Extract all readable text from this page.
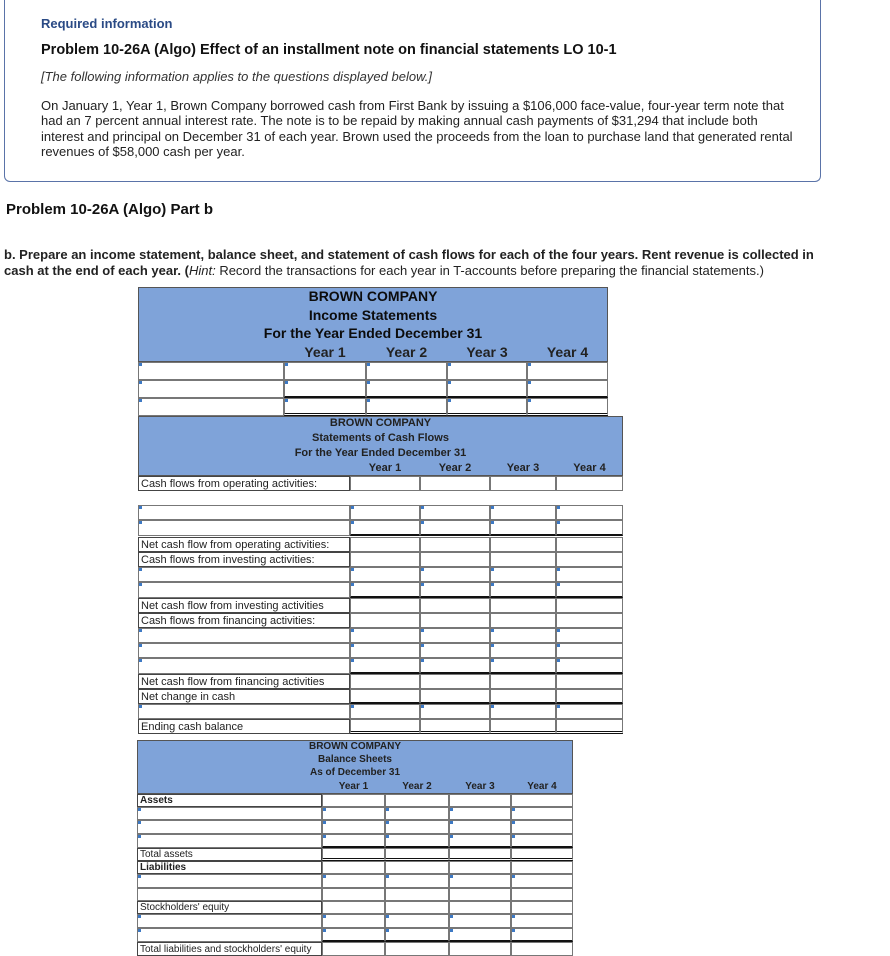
Required information
Problem 10-26A (Algo) Effect of an installment note on financial statements LO 10-1
[The following information applies to the questions displayed below.]
On January 1, Year 1, Brown Company borrowed cash from First Bank by issuing a $106,000 face-value, four-year term note that had an 7 percent annual interest rate. The note is to be repaid by making annual cash payments of $31,294 that include both interest and principal on December 31 of each year. Brown used the proceeds from the loan to purchase land that generated rental revenues of $58,000 cash per year.
Problem 10-26A (Algo) Part b
b. Prepare an income statement, balance sheet, and statement of cash flows for each of the four years. Rent revenue is collected in cash at the end of each year. (Hint: Record the transactions for each year in T-accounts before preparing the financial statements.)
BROWN COMPANY
Income Statements
For the Year Ended December 31
Year 1	Year 2	Year 3	Year 4
BROWN COMPANY
Statements of Cash Flows
For the Year Ended December 31
Year 1	Year 2	Year 3	Year 4
Cash flows from operating activities:
Net cash flow from operating activities:
Cash flows from investing activities:
Net cash flow from investing activities
Cash flows from financing activities:
Net cash flow from financing activities
Net change in cash
Ending cash balance
BROWN COMPANY
Balance Sheets
As of December 31
Year 1	Year 2	Year 3	Year 4
Assets
Total assets
Liabilities
Stockholders' equity
Total liabilities and stockholders' equity
